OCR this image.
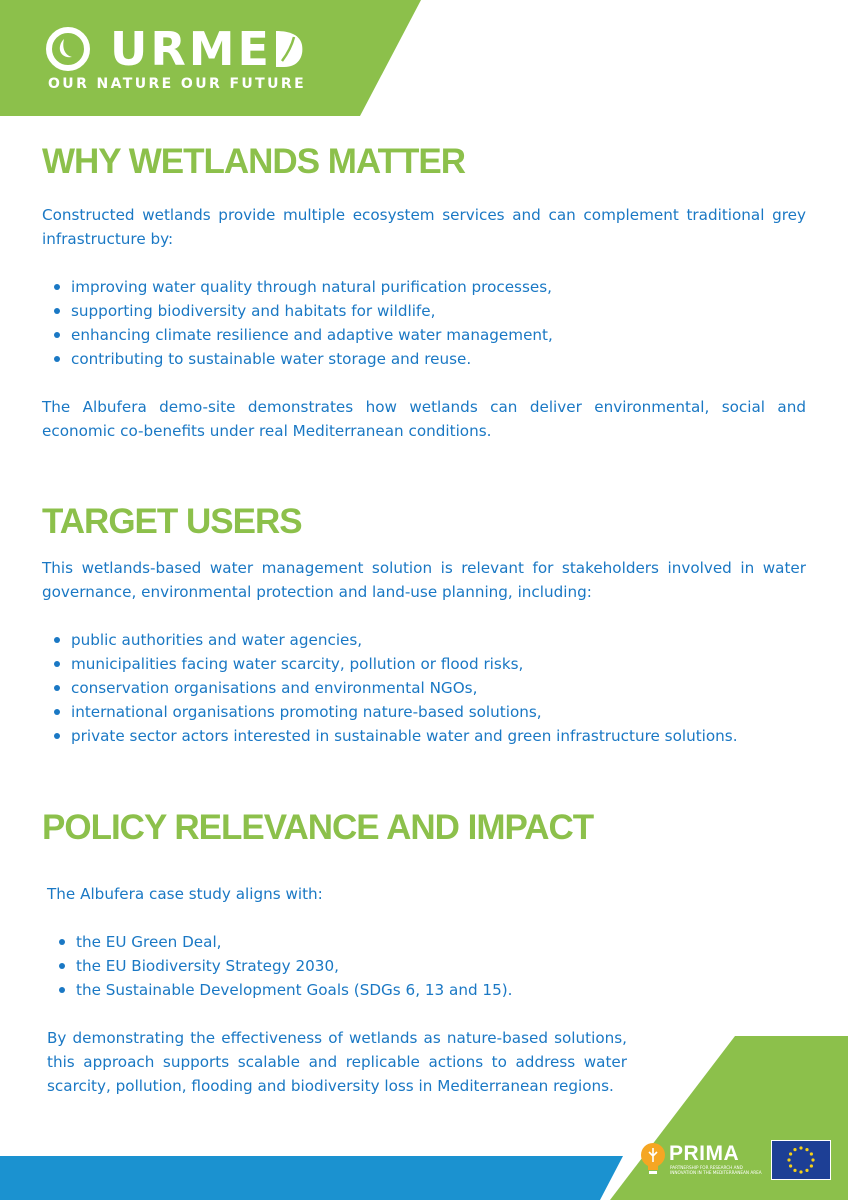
URME
OUR NATURE OUR FUTURE
WHY WETLANDS MATTER

Constructed wetlands provide multiple ecosystem services and can complement traditional grey infrastructure by:

improving water quality through natural purification processes,
supporting biodiversity and habitats for wildlife,
enhancing climate resilience and adaptive water management,
contributing to sustainable water storage and reuse.

The Albufera demo-site demonstrates how wetlands can deliver environmental, social and economic co-benefits under real Mediterranean conditions.

TARGET USERS

This wetlands-based water management solution is relevant for stakeholders involved in water governance, environmental protection and land-use planning, including:

public authorities and water agencies,
municipalities facing water scarcity, pollution or flood risks,
conservation organisations and environmental NGOs,
international organisations promoting nature-based solutions,
private sector actors interested in sustainable water and green infrastructure solutions.
POLICY RELEVANCE AND IMPACT

The Albufera case study aligns with:

the EU Green Deal,
the EU Biodiversity Strategy 2030,
the Sustainable Development Goals (SDGs 6, 13 and 15).

By demonstrating the effectiveness of wetlands as nature-based solutions, this approach supports scalable and replicable actions to address water scarcity, pollution, flooding and biodiversity loss in Mediterranean regions.

PRIMA
PARTNERSHIP FOR RESEARCH AND INNOVATION IN THE MEDITERRANEAN AREA
